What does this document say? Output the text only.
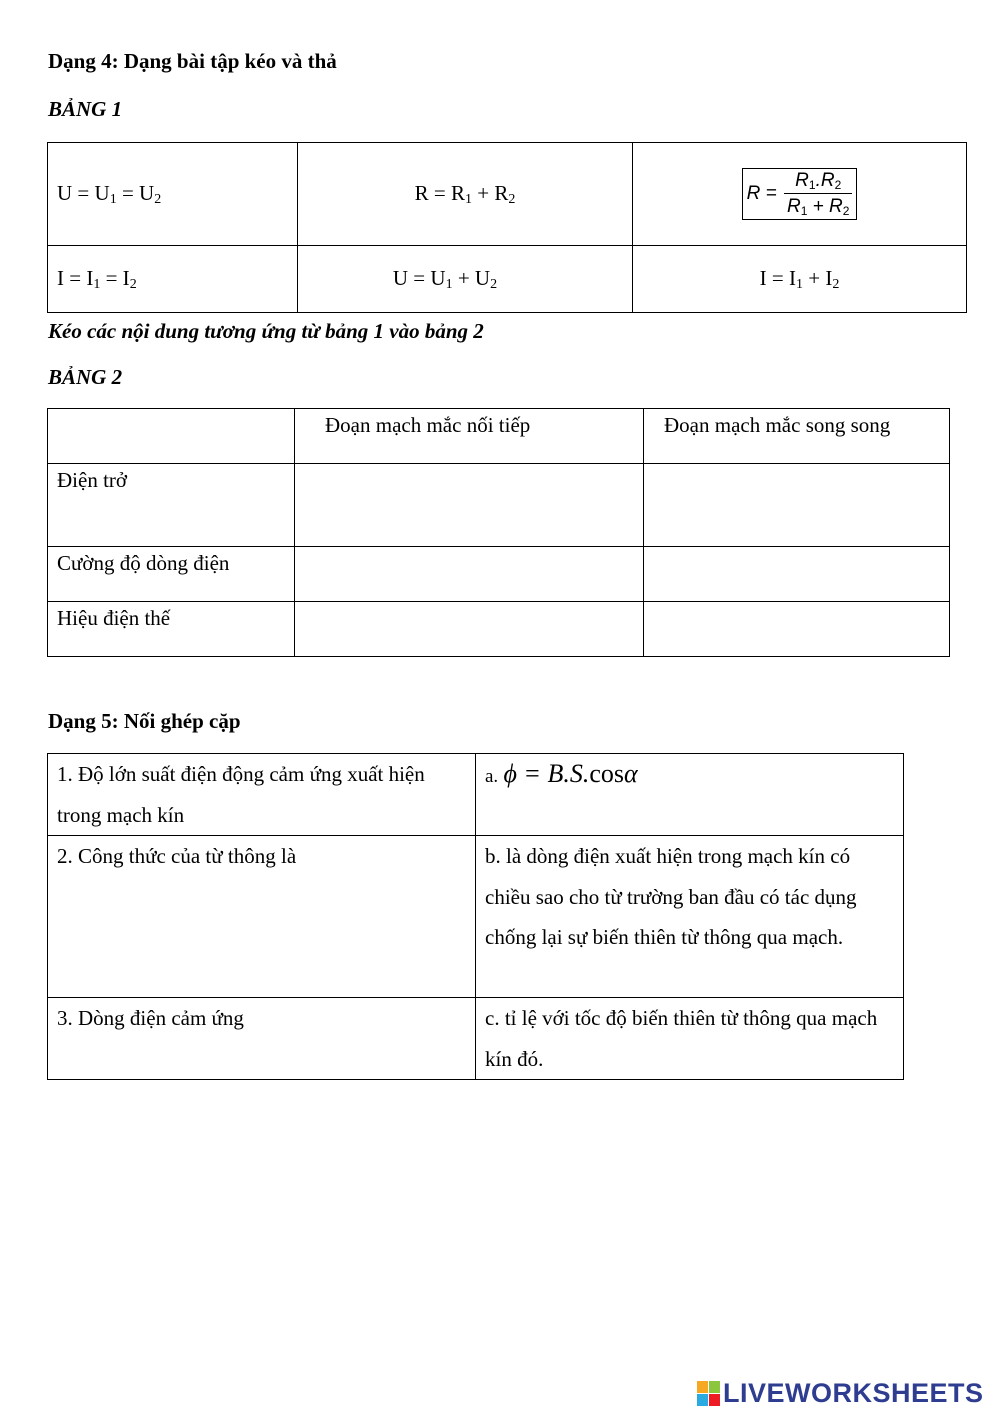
Dạng 4: Dạng bài tập kéo và thả
BẢNG 1
$U = U_1 = U_2$	$R = R_1 + R_2$	$R = \frac{R_1.R_2}{R_1 + R_2}$

$I = I_1 = I_2$	$U = U_1 + U_2$	$I = I_1 + I_2$
Kéo các nội dung tương ứng từ bảng 1 vào bảng 2
BẢNG 2
	Đoạn mạch mắc nối tiếp	Đoạn mạch mắc song song
Điện trở		
Cường độ dòng điện		
Hiệu điện thế		
Dạng 5: Nối ghép cặp
1. Độ lớn suất điện động cảm ứng xuất hiện trong mạch kín	a. ϕ = B.S.cosα
2. Công thức của từ thông là	b. là dòng điện xuất hiện trong mạch kín có chiều sao cho từ trường ban đầu có tác dụng chống lại sự biến thiên từ thông qua mạch.
3. Dòng điện cảm ứng	c. tỉ lệ với tốc độ biến thiên từ thông qua mạch kín đó.
LIVEWORKSHEETS
